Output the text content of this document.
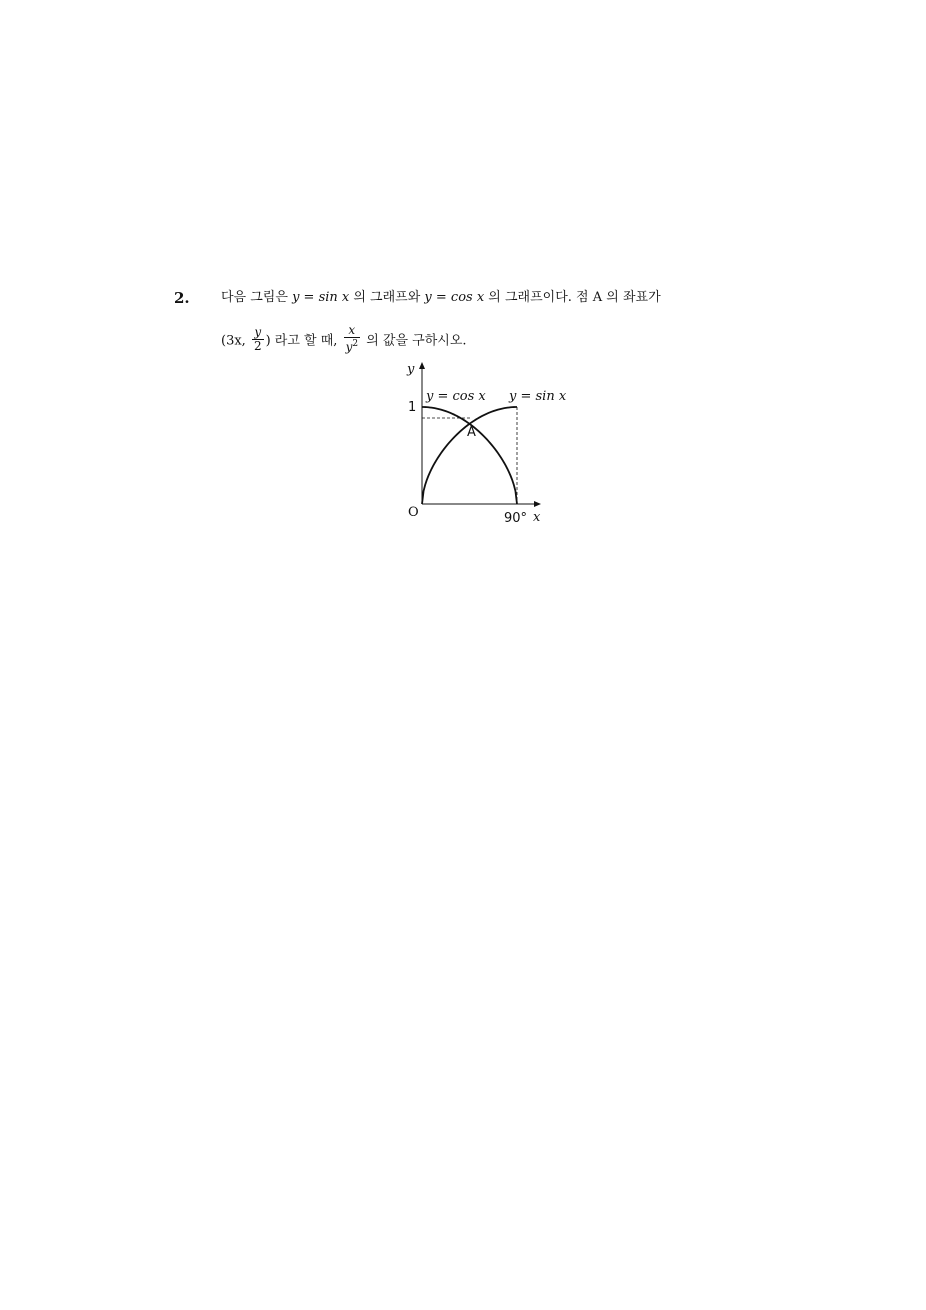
2. 다음 그림은 y = sin x 의 그래프와 y = cos x 의 그래프이다. 점 A 의 좌표가
(3x, $\frac{y}{2}$ ) 라고 할 때, $\frac{x}{y^2}$ 의 값을 구하시오.
y
x
O
1
90°
y = cos x y = sin x
A
